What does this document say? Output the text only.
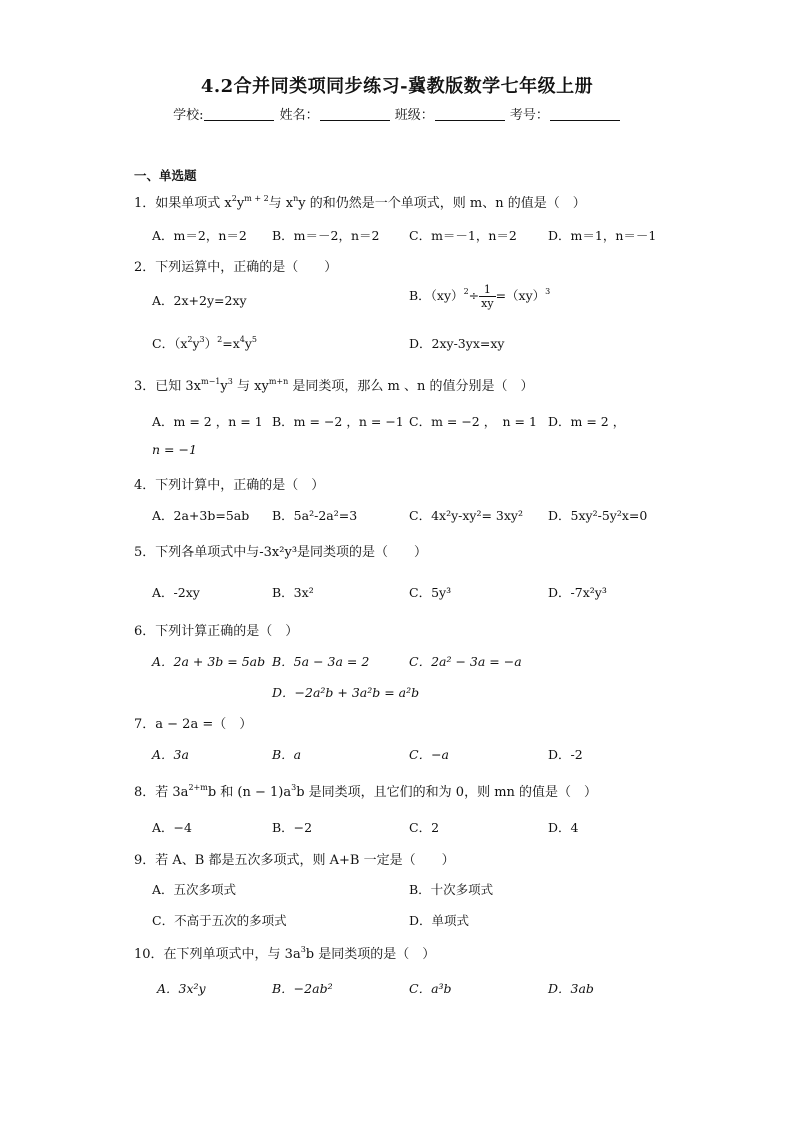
4.2合并同类项同步练习-冀教版数学七年级上册
学校:	姓名：	班级：	考号：
一、单选题
1．如果单项式 $x^2y^{m + 2}$与 $x^ny$ 的和仍然是一个单项式，则 m、n 的值是（　）
A．m＝2，n＝2 B．m＝－2，n＝2 C．m＝－1，n＝2 D．m＝1，n＝－1
2．下列运算中，正确的是（　　）
A．2x+2y=2xy	B．$(xy)^2\div \frac{1}{xy} =(xy)^3$
C．$(x^2y^3)^2=x^4y^5$	D．2xy-3yx=xy
3．已知 $3x^{m-1}y^3$ 与 $xy^{m+n}$ 是同类项，那么 m 、n 的值分别是（　）
A．m = 2 ，n = 1 B．m = −2 ，n = −1 C．m = −2 ，　n = 1 D．m = 2 ，
n = −1
4．下列计算中，正确的是（　）
A．2a+3b=5ab B．5a²-2a²=3	C．4x²y-xy²= 3xy² D．5xy²-5y²x=0
5．下列各单项式中与-3x²y³是同类项的是（　　）
A．-2xy	B．3x²	C．5y³	D．-7x²y³
6．下列计算正确的是（　）
A．2a + 3b = 5ab B．5a − 3a = 2	C．2a² − 3a = −a
D．−2a²b + 3a²b = a²b
7．a − 2a =（　）
A．3a	B．a	C．−a	D．-2
8．若 $3a^{2+m}b$ 和 $(n - 1)a^3b$ 是同类项，且它们的和为 0，则 mn 的值是（　）
A．−4	B．−2	C．2	D．4
9．若 A、B 都是五次多项式，则 A+B 一定是（　　）
A．五次多项式	B．十次多项式
C．不高于五次的多项式	D．单项式
10．在下列单项式中，与 $3a^3b$ 是同类项的是（　）
A．3x²y	B．−2ab²	C．a³b	D．3ab
